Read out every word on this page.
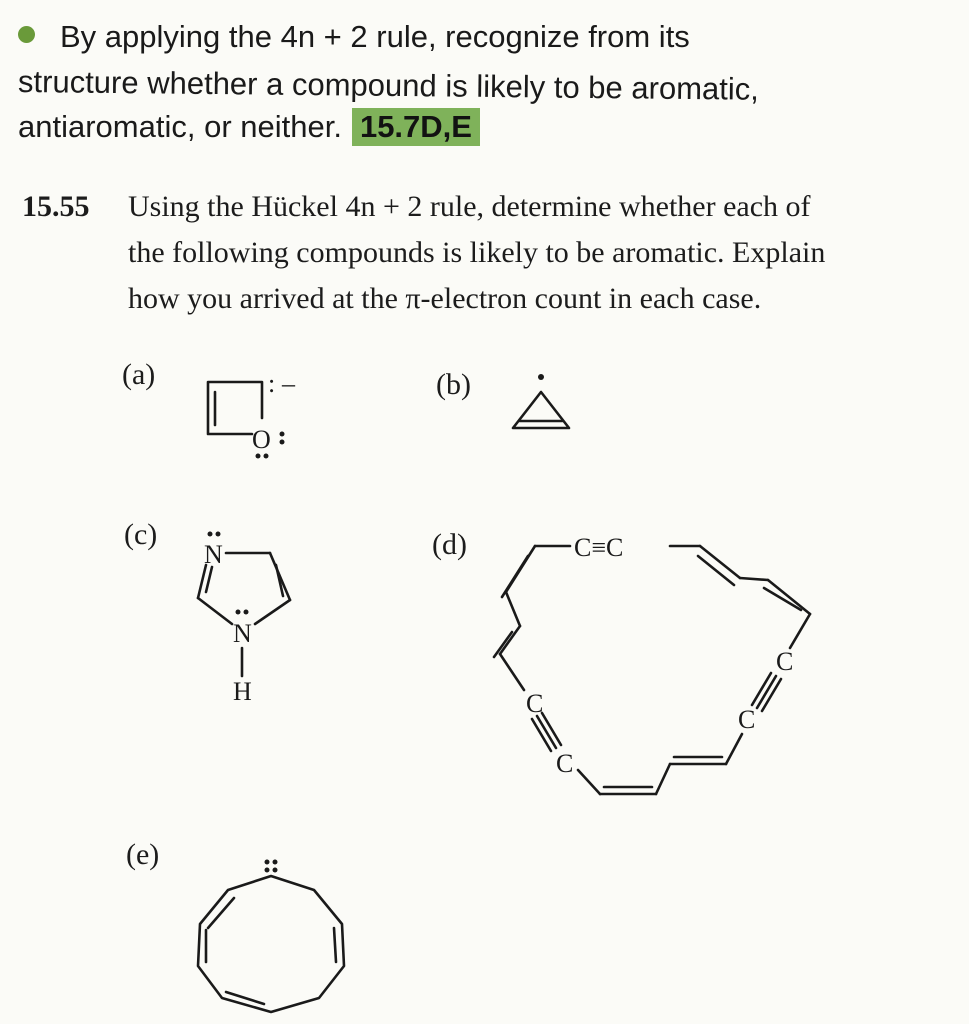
By applying the 4n + 2 rule, recognize from its
structure whether a compound is likely to be aromatic,
antiaromatic, or neither. 15.7D,E
15.55 Using the Hückel 4n + 2 rule, determine whether each of
the following compounds is likely to be aromatic. Explain
how you arrived at the π-electron count in each case.
(a)	(b)
(c)	(d)
(e)
O
: –
N
N
H
C≡C
C
C
C
C
